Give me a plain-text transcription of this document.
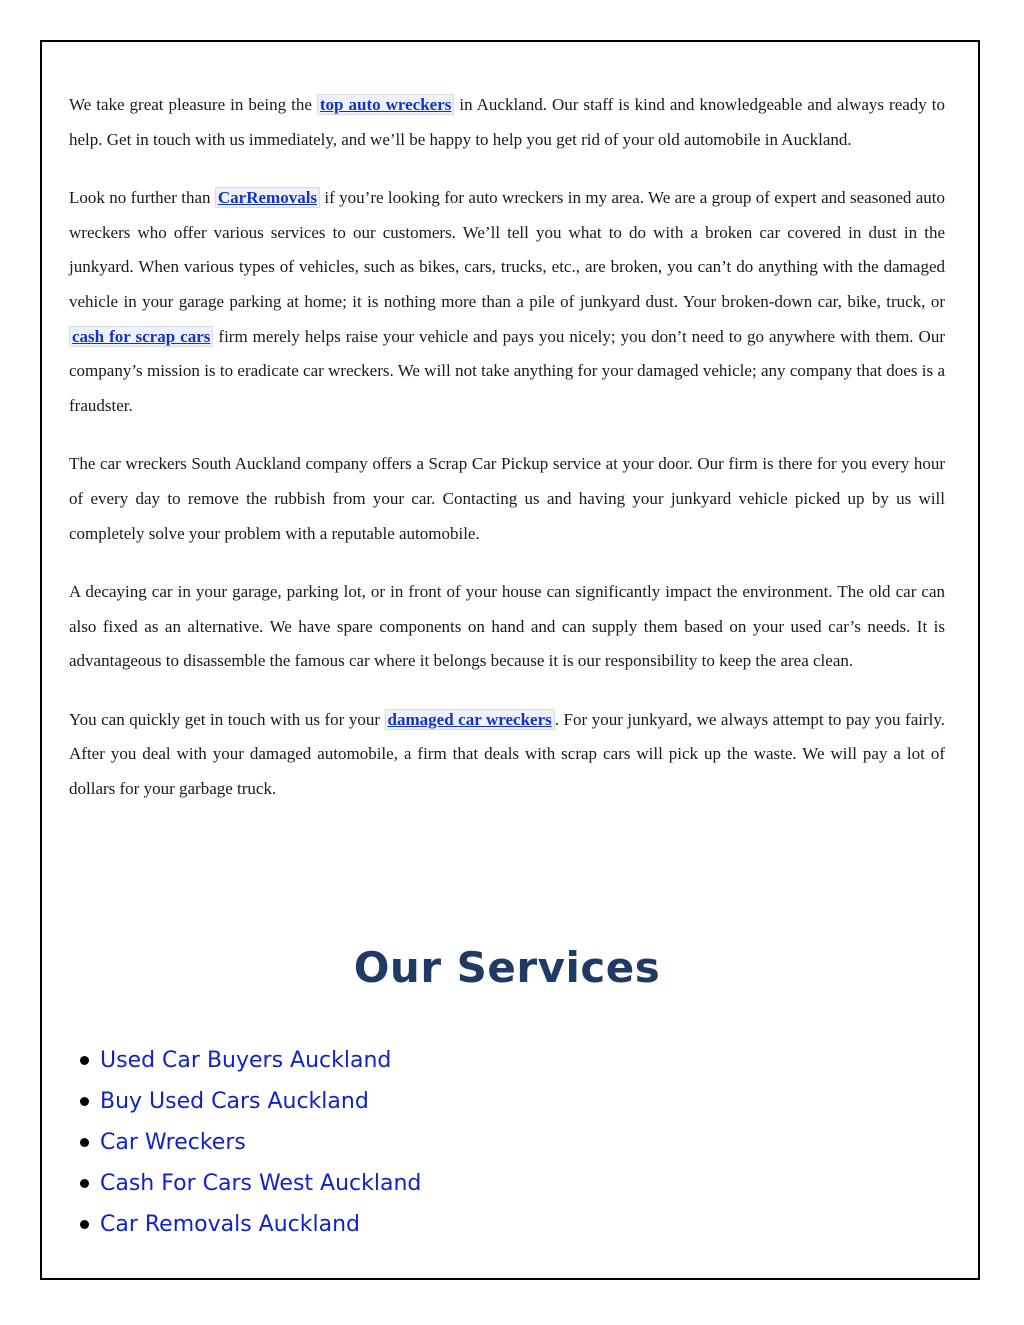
We take great pleasure in being the top auto wreckers in Auckland. Our staff is kind and knowledgeable and always ready to help. Get in touch with us immediately, and we’ll be happy to help you get rid of your old automobile in Auckland.

Look no further than CarRemovals if you’re looking for auto wreckers in my area. We are a group of expert and seasoned auto wreckers who offer various services to our customers. We’ll tell you what to do with a broken car covered in dust in the junkyard. When various types of vehicles, such as bikes, cars, trucks, etc., are broken, you can’t do anything with the damaged vehicle in your garage parking at home; it is nothing more than a pile of junkyard dust. Your broken-down car, bike, truck, or cash for scrap cars firm merely helps raise your vehicle and pays you nicely; you don’t need to go anywhere with them. Our company’s mission is to eradicate car wreckers. We will not take anything for your damaged vehicle; any company that does is a fraudster.

The car wreckers South Auckland company offers a Scrap Car Pickup service at your door. Our firm is there for you every hour of every day to remove the rubbish from your car. Contacting us and having your junkyard vehicle picked up by us will completely solve your problem with a reputable automobile.

A decaying car in your garage, parking lot, or in front of your house can significantly impact the environment. The old car can also fixed as an alternative. We have spare components on hand and can supply them based on your used car’s needs. It is advantageous to disassemble the famous car where it belongs because it is our responsibility to keep the area clean.

You can quickly get in touch with us for your damaged car wreckers . For your junkyard, we always attempt to pay you fairly. After you deal with your damaged automobile, a firm that deals with scrap cars will pick up the waste. We will pay a lot of dollars for your garbage truck.

Our Services
Used Car Buyers Auckland
Buy Used Cars Auckland
Car Wreckers
Cash For Cars West Auckland
Car Removals Auckland
